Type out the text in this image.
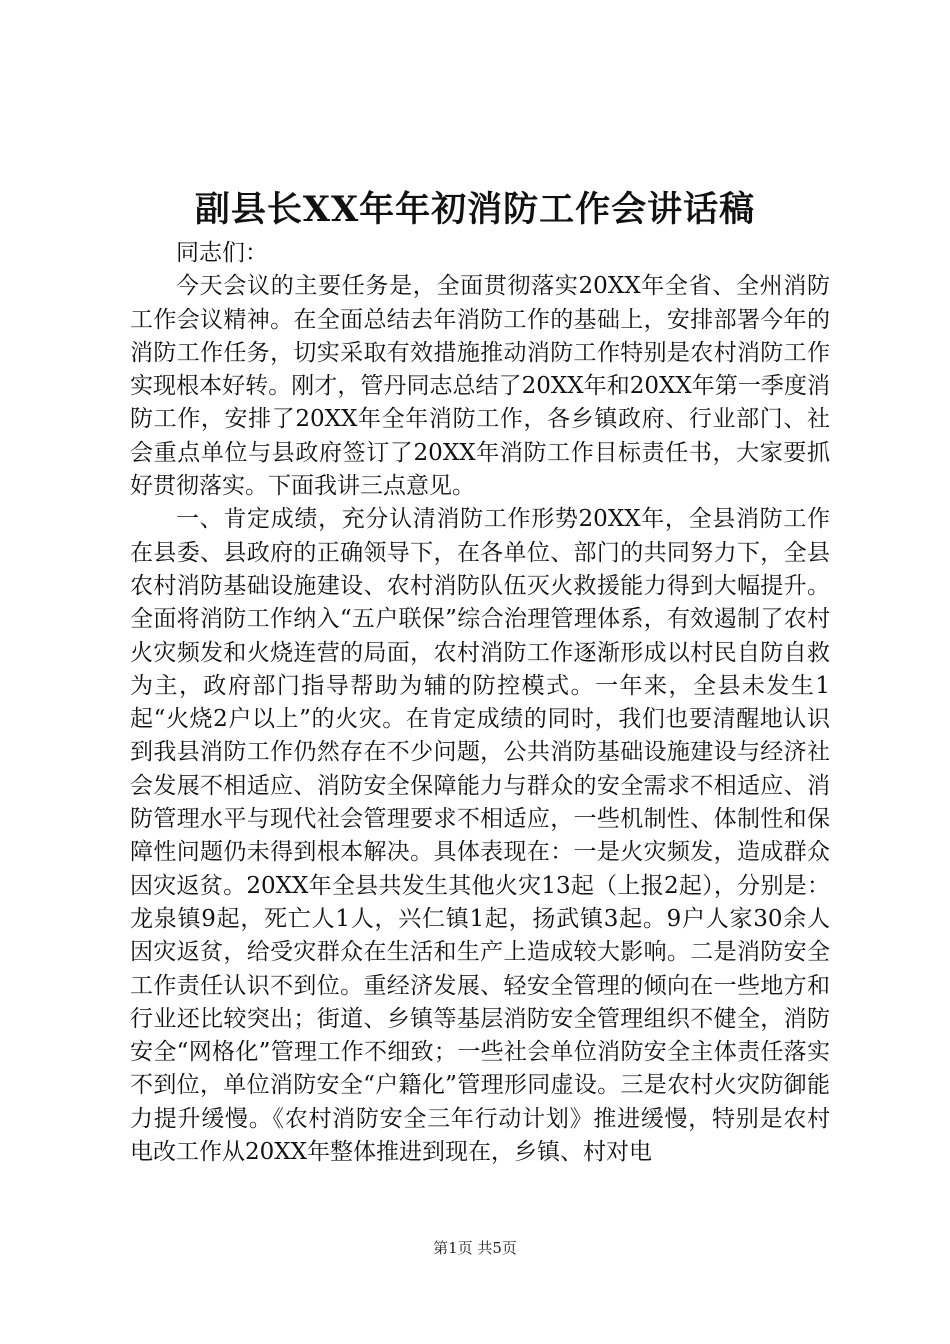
副县长XX年年初消防工作会讲话稿

同志们：

今天会议的主要任务是，全面贯彻落实20XX年全省、全州消防工作会议精神。在全面总结去年消防工作的基础上，安排部署今年的消防工作任务，切实采取有效措施推动消防工作特别是农村消防工作实现根本好转。刚才，管丹同志总结了20XX年和20XX年第一季度消防工作，安排了20XX年全年消防工作，各乡镇政府、行业部门、社会重点单位与县政府签订了20XX年消防工作目标责任书，大家要抓好贯彻落实。下面我讲三点意见。

一、肯定成绩，充分认清消防工作形势20XX年，全县消防工作在县委、县政府的正确领导下，在各单位、部门的共同努力下，全县农村消防基础设施建设、农村消防队伍灭火救援能力得到大幅提升。全面将消防工作纳入“五户联保”综合治理管理体系，有效遏制了农村火灾频发和火烧连营的局面，农村消防工作逐渐形成以村民自防自救为主，政府部门指导帮助为辅的防控模式。一年来，全县未发生1起“火烧2户以上”的火灾。在肯定成绩的同时，我们也要清醒地认识到我县消防工作仍然存在不少问题，公共消防基础设施建设与经济社会发展不相适应、消防安全保障能力与群众的安全需求不相适应、消防管理水平与现代社会管理要求不相适应，一些机制性、体制性和保障性问题仍未得到根本解决。具体表现在：一是火灾频发，造成群众因灾返贫。20XX年全县共发生其他火灾13起（上报2起），分别是：龙泉镇9起，死亡人1人，兴仁镇1起，扬武镇3起。9户人家30余人因灾返贫，给受灾群众在生活和生产上造成较大影响。二是消防安全工作责任认识不到位。重经济发展、轻安全管理的倾向在一些地方和行业还比较突出；街道、乡镇等基层消防安全管理组织不健全，消防安全“网格化”管理工作不细致；一些社会单位消防安全主体责任落实不到位，单位消防安全“户籍化”管理形同虚设。三是农村火灾防御能力提升缓慢。《农村消防安全三年行动计划》推进缓慢，特别是农村电改工作从20XX年整体推进到现在，乡镇、村对电

第1页 共5页
